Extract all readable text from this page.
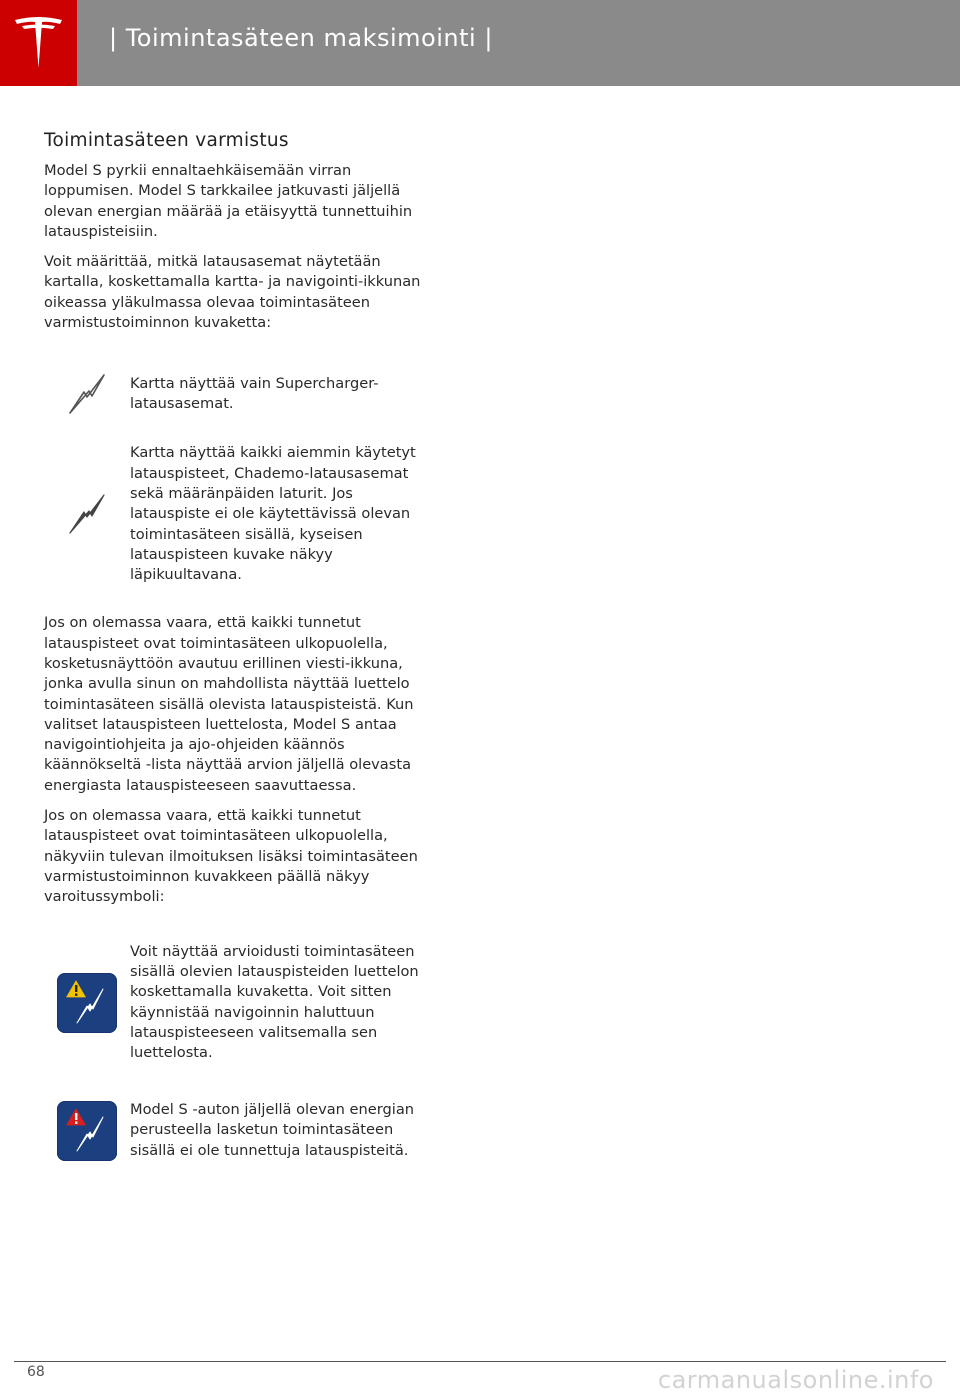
| Toimintasäteen maksimointi |
Toimintasäteen varmistus

Model S pyrkii ennaltaehkäisemään virran loppumisen. Model S tarkkailee jatkuvasti jäljellä olevan energian määrää ja etäisyyttä tunnettuihin latauspisteisiin.

Voit määrittää, mitkä latausasemat näytetään kartalla, koskettamalla kartta- ja navigointi-ikkunan oikeassa yläkulmassa olevaa toimintasäteen varmistustoiminnon kuvaketta:

Kartta näyttää vain Supercharger-latausasemat.
Kartta näyttää kaikki aiemmin käytetyt latauspisteet, Chademo-latausasemat sekä määränpäiden laturit. Jos latauspiste ei ole käytettävissä olevan toimintasäteen sisällä, kyseisen latauspisteen kuvake näkyy läpikuultavana.

Jos on olemassa vaara, että kaikki tunnetut latauspisteet ovat toimintasäteen ulkopuolella, kosketusnäyttöön avautuu erillinen viesti-ikkuna, jonka avulla sinun on mahdollista näyttää luettelo toimintasäteen sisällä olevista latauspisteistä. Kun valitset latauspisteen luettelosta, Model S antaa navigointiohjeita ja ajo-ohjeiden käännös käännökseltä -lista näyttää arvion jäljellä olevasta energiasta latauspisteeseen saavuttaessa.

Jos on olemassa vaara, että kaikki tunnetut latauspisteet ovat toimintasäteen ulkopuolella, näkyviin tulevan ilmoituksen lisäksi toimintasäteen varmistustoiminnon kuvakkeen päällä näkyy varoitussymboli:

Voit näyttää arvioidusti toimintasäteen sisällä olevien latauspisteiden luettelon koskettamalla kuvaketta. Voit sitten käynnistää navigoinnin haluttuun latauspisteeseen valitsemalla sen luettelosta.
Model S -auton jäljellä olevan energian perusteella lasketun toimintasäteen sisällä ei ole tunnettuja latauspisteitä.
68	carmanualsonline.info
